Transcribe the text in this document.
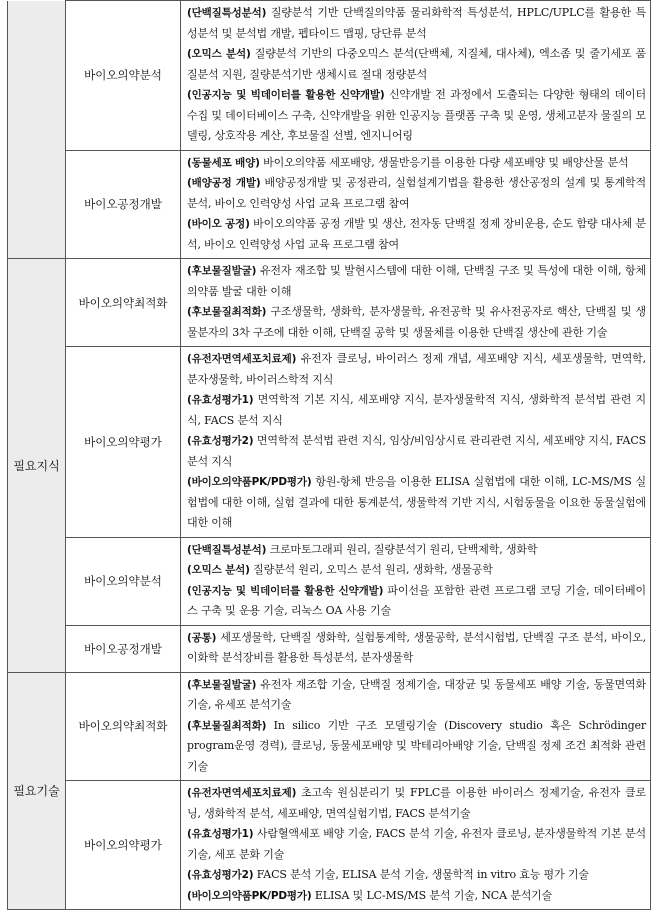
	바이오의약분석	(단백질특성분석) 질량분석 기반 단백질의약품 물리화학적 특성분석, HPLC/UPLC를 활용한 특성분석 및 분석법 개발, 펩타이드 맵핑, 당단류 분석
(오믹스 분석) 질량분석 기반의 다중오믹스 분석(단백체, 지질체, 대사체), 엑소좀 및 줄기세포 품질분석 지원, 질량분석기반 생체시료 절대 정량분석
(인공지능 및 빅데이터를 활용한 신약개발) 신약개발 전 과정에서 도출되는 다양한 형태의 데이터 수집 및 데이터베이스 구축, 신약개발을 위한 인공지능 플랫폼 구축 및 운영, 생체고분자 물질의 모델링, 상호작용 계산, 후보물질 선별, 엔지니어링

	바이오공정개발	(동물세포 배양) 바이오의약품 세포배양, 생물반응기를 이용한 다량 세포배양 및 배양산물 분석
(배양공정 개발) 배양공정개발 및 공정관리, 실험설계기법을 활용한 생산공정의 설계 및 통계학적 분석, 바이오 인력양성 사업 교육 프로그램 참여
(바이오 공정) 바이오의약품 공정 개발 및 생산, 전자동 단백질 정제 장비운용, 순도 함량 대사체 분석, 바이오 인력양성 사업 교육 프로그램 참여

필요지식	바이오의약최적화	(후보물질발굴) 유전자 재조합 및 발현시스템에 대한 이해, 단백질 구조 및 특성에 대한 이해, 항체의약품 발굴 대한 이해
(후보물질최적화) 구조생물학, 생화학, 분자생물학, 유전공학 및 유사전공자로 핵산, 단백질 및 생물분자의 3차 구조에 대한 이해, 단백질 공학 및 생물체를 이용한 단백질 생산에 관한 기술

	바이오의약평가	(유전자면역세포치료제) 유전자 클로닝, 바이러스 정제 개념, 세포배양 지식, 세포생물학, 면역학, 분자생물학, 바이러스학적 지식
(유효성평가1) 면역학적 기본 지식, 세포배양 지식, 분자생물학적 지식, 생화학적 분석법 관련 지식, FACS 분석 지식
(유효성평가2) 면역학적 분석법 관련 지식, 임상/비임상시료 관리관련 지식, 세포배양 지식, FACS 분석 지식
(바이오의약품PK/PD평가) 항원-항체 반응을 이용한 ELISA 실험법에 대한 이해, LC-MS/MS 실험법에 대한 이해, 실험 결과에 대한 통계분석, 생물학적 기반 지식, 시험동물을 이요한 동물실험에 대한 이해

	바이오의약분석	(단백질특성분석) 크로마토그래피 원리, 질량분석기 원리, 단백제학, 생화학
(오믹스 분석) 질량분석 원리, 오믹스 분석 원리, 생화학, 생물공학
(인공지능 및 빅데이터를 활용한 신약개발) 파이선을 포함한 관련 프로그램 코딩 기술, 데이터베이스 구축 및 운용 기술, 리눅스 OA 사용 기술

	바이오공정개발	(공통) 세포생물학, 단백질 생화학, 실험통계학, 생물공학, 분석시험법, 단백질 구조 분석, 바이오, 이화학 분석장비를 활용한 특성분석, 분자생물학

필요기술	바이오의약최적화	(후보물질발굴) 유전자 재조합 기술, 단백질 정제기술, 대장균 및 동물세포 배양 기술, 동물면역화 기술, 유세포 분석기술
(후보물질최적화) In silico 기반 구조 모델링기술 (Discovery studio 혹은 Schrödinger program운영 경력), 클로닝, 동물세포배양 및 박테리아배양 기술, 단백질 정제 조건 최적화 관련 기술

	바이오의약평가	(유전자면역세포치료제) 초고속 원심분리기 및 FPLC를 이용한 바이러스 정제기술, 유전자 클로닝, 생화학적 분석, 세포배양, 면역실험기법, FACS 분석기술
(유효성평가1) 사람혈액세포 배양 기술, FACS 분석 기술, 유전자 클로닝, 분자생물학적 기본 분석 기술, 세포 분화 기술
(유효성평가2) FACS 분석 기술, ELISA 분석 기술, 생물학적 in vitro 효능 평가 기술
(바이오의약품PK/PD평가) ELISA 및 LC-MS/MS 분석 기술, NCA 분석기술
